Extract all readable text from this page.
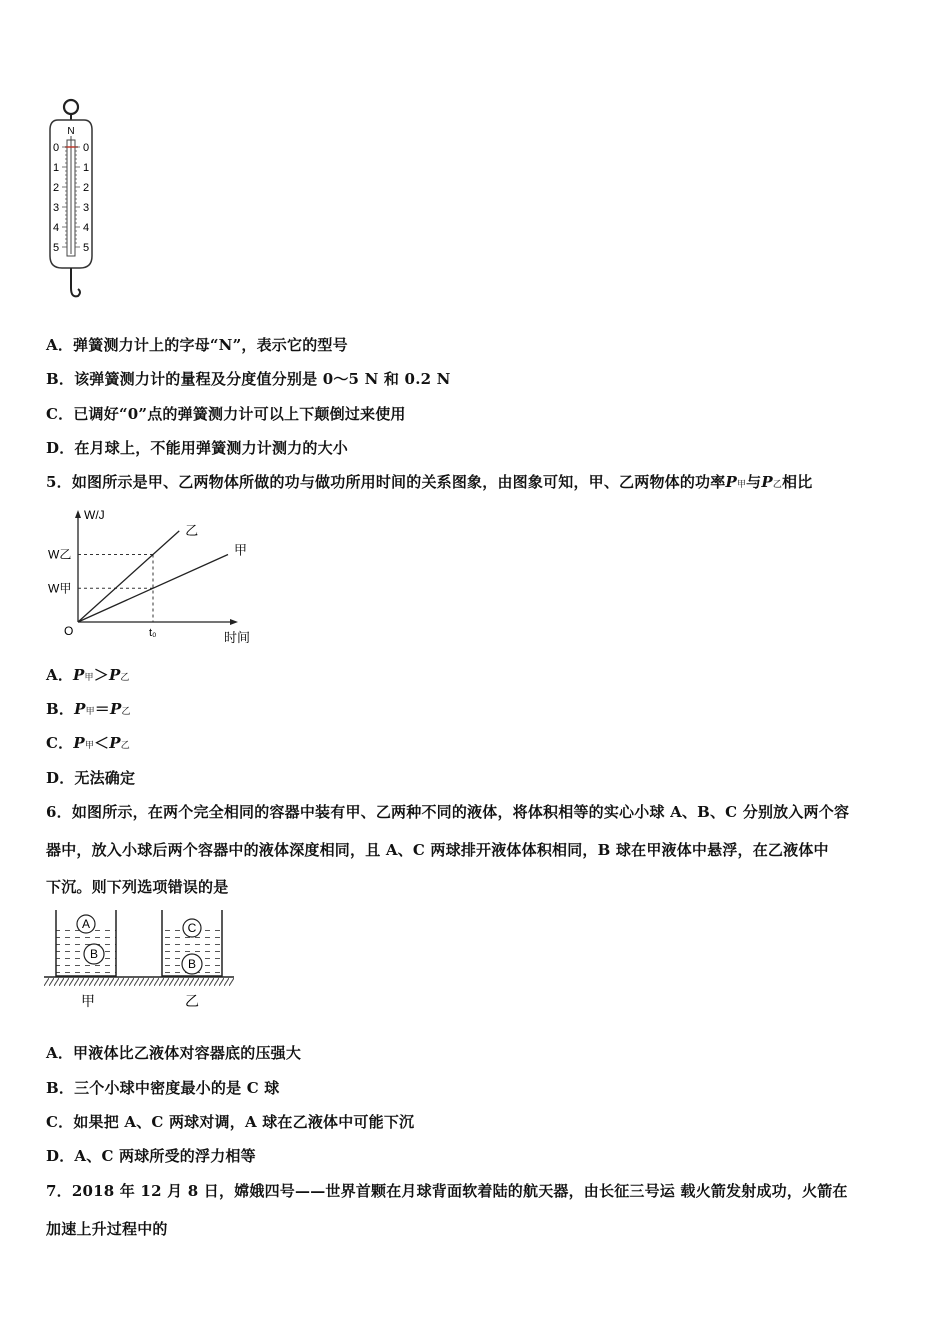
N
0 0
1 1
2 2
3 3
4 4
5 5
A．弹簧测力计上的字母“N”，表示它的型号
B．该弹簧测力计的量程及分度值分别是 0～5 N 和 0.2 N
C．已调好“0”点的弹簧测力计可以上下颠倒过来使用
D．在月球上，不能用弹簧测力计测力的大小
5．如图所示是甲、乙两物体所做的功与做功所用时间的关系图象，由图象可知，甲、乙两物体的功率P甲与P乙相比
W/J
时间
O	t₀
W乙
W甲
乙
甲
A．P甲＞P乙
B．P甲＝P乙
C．P甲＜P乙
D．无法确定
6．如图所示，在两个完全相同的容器中装有甲、乙两种不同的液体，将体积相等的实心小球 A、B、C 分别放入两个容
器中，放入小球后两个容器中的液体深度相同，且 A、C 两球排开液体体积相同，B 球在甲液体中悬浮，在乙液体中
下沉。则下列选项错误的是
A
B
C
B
甲	乙
A．甲液体比乙液体对容器底的压强大
B．三个小球中密度最小的是 C 球
C．如果把 A、C 两球对调，A 球在乙液体中可能下沉
D．A、C 两球所受的浮力相等
7．2018 年 12 月 8 日，嫦娥四号——世界首颗在月球背面软着陆的航天器，由长征三号运 载火箭发射成功，火箭在
加速上升过程中的
